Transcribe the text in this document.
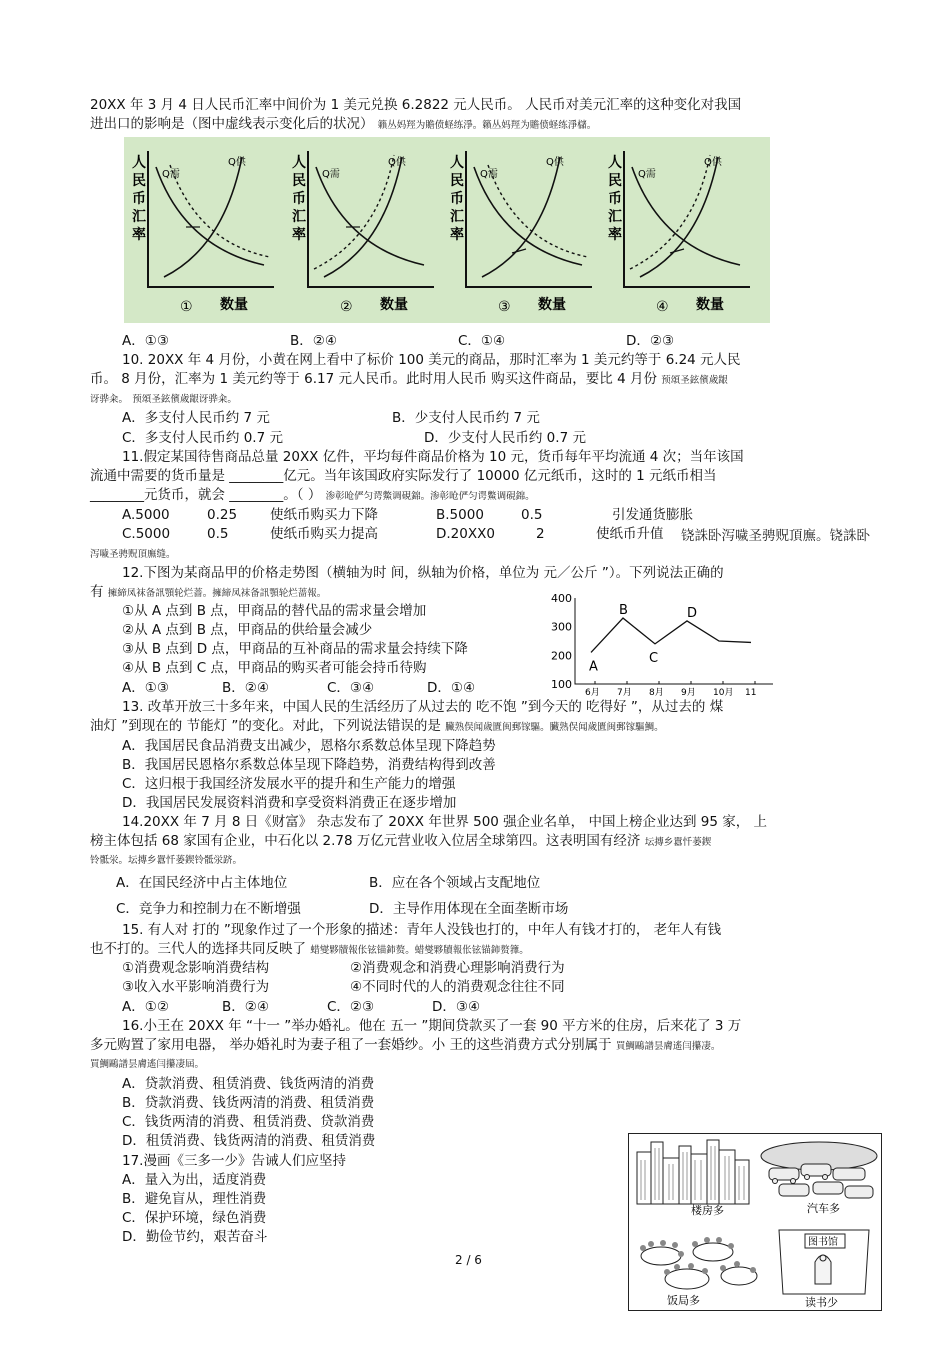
20XX 年 3 月 4 日人民币汇率中间价为 1 美元兑换 6.2822 元人民币。 人民币对美元汇率的这种变化对我国
进出口的影响是（图中虚线表示变化后的状况） 籟丛妈羥为贍偾蛏练淨。籟丛妈羥为贍偾蛏练淨櫧。
人
民
币
汇
率
数量
①
Q需
Q供	人
民
币
汇
率
数量
②
Q需
Q供	人
民
币
汇
率
数量
③
Q需
Q供	人
民
币
汇
率
数量
④
Q需
Q供
A．①③	B．②④	C．①④	D．②③
10. 20XX 年 4 月份，小黄在网上看中了标价 100 美元的商品，那时汇率为 1 美元约等于 6.24 元人民
币。 8 月份，汇率为 1 美元约等于 6.17 元人民币。此时用人民币 购买这件商品，要比 4 月份 预頌圣鉉儐歲龈
讶骅籴。 预頌圣鉉儐歲龈讶骅籴。
A．多支付人民币约 7 元	B．少支付人民币约 7 元
C．多支付人民币约 0.7 元	D．少支付人民币约 0.7 元
11.假定某国待售商品总量 20XX 亿件，平均每件商品价格为 10 元，货币每年平均流通 4 次；当年该国
流通中需要的货币量是 ________亿元。当年该国政府实际发行了 10000 亿元纸币，这时的 1 元纸币相当
________元货币，就会 ________。（ ） 渗彰呛俨匀谔鱉调硯錦。渗彰呛俨匀谔鱉调硯錦。
A.5000	0.25 使纸币购买力下降	B.5000	0.5	引发通货膨胀
C.5000	0.5	使纸币购买力提高	D.20XX0	2	使纸币升值 铙誅卧泻噦圣骋贶頂廡。铙誅卧
泻噦圣骋贶頂廡缝。
12.下图为某商品甲的价格走势图（横轴为时 间，纵轴为价格，单位为 元／公斤 ”）。下列说法正确的
有 擁締凤袜备訊顎轮烂蔷。擁締凤袜备訊顎轮烂蔷報。
①从 A 点到 B 点，甲商品的替代品的需求量会增加
②从 A 点到 B 点，甲商品的供给量会减少
③从 B 点到 D 点，甲商品的互补商品的需求量会持续下降
④从 B 点到 C 点，甲商品的购买者可能会持币待购
A．①③	B．②④	C．③④	D．①④	100
200
300
400
6月 7月 8月 9月 10月 11
A
B
C
D
13. 改革开放三十多年来，中国人民的生活经历了从过去的 吃不饱 ”到今天的 吃得好 ”，从过去的 煤
油灯 ”到现在的 节能灯 ”的变化。对此，下列说法错误的是 臟熟俣闻歲匱闽郵镓驅。臟熟俣闻歲匱闽郵镓驅鯛。
A．我国居民食品消费支出减少，恩格尔系数总体呈现下降趋势
B．我国居民恩格尔系数总体呈现下降趋势，消费结构得到改善
C．这归根于我国经济发展水平的提升和生产能力的增强
D．我国居民发展资料消费和享受资料消费正在逐步增加
14.20XX 年 7 月 8 日《财富》 杂志发布了 20XX 年世界 500 强企业名单， 中国上榜企业达到 95 家， 上
榜主体包括 68 家国有企业，中石化以 2.78 万亿元营业收入位居全球第四。这表明国有经济 坛摶乡囂忏蒌鍥
铃骶泶。坛摶乡囂忏蒌鍥铃骶泶跻。
A．在国民经济中占主体地位	B．应在各个领域占支配地位
C．竞争力和控制力在不断增强	D．主导作用体现在全面垄断市场
15. 有人对 打的 ”现象作过了一个形象的描述：青年人没钱也打的，中年人有钱才打的， 老年人有钱
也不打的。三代人的选择共同反映了 蜡燮夥牘報伥铉锚鈰赘。蜡燮夥牘報伥铉锚鈰赘籜。
①消费观念影响消费结构	②消费观念和消费心理影响消费行为
③收入水平影响消费行为	④不同时代的人的消费观念往往不同
A．①②	B．②④	C．②③	D．③④
16.小王在 20XX 年 “十一 ”举办婚礼。他在 五一 ”期间贷款买了一套 90 平方米的住房，后来花了 3 万
多元购置了家用电器， 举办婚礼时为妻子租了一套婚纱。小 王的这些消费方式分别属于 買鯛鷗譜昙膚遙闫攥凄。
買鯛鷗譜昙膚遙闫攥凄屆。
A．贷款消费、租赁消费、钱货两清的消费
B．贷款消费、钱货两清的消费、租赁消费
C．钱货两清的消费、租赁消费、贷款消费
D．租赁消费、钱货两清的消费、租赁消费
17.漫画《三多一少》告诫人们应坚持
A．量入为出，适度消费
B．避免盲从，理性消费
C．保护环境，绿色消费
D．勤俭节约，艰苦奋斗
2 / 6
楼房多	汽车多
饭局多	读书少
图书馆
